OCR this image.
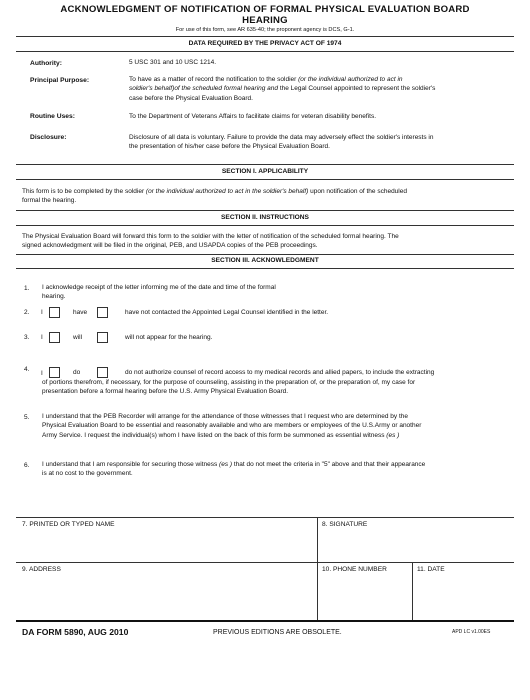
ACKNOWLEDGMENT OF NOTIFICATION OF FORMAL PHYSICAL EVALUATION BOARD
HEARING
For use of this form, see AR 635-40; the proponent agency is DCS, G-1.
DATA REQUIRED BY THE PRIVACY ACT OF 1974
Authority:	5 USC 301 and 10 USC 1214.
Principal Purpose:	To have as a matter of record the notification to the soldier (or the individual authorized to act in
soldier's behalf)of the scheduled formal hearing and the Legal Counsel appointed to represent the soldier's
case before the Physical Evaluation Board.
Routine Uses:	To the Department of Veterans Affairs to facilitate claims for veteran disability benefits.
Disclosure:	Disclosure of all data is voluntary. Failure to provide the data may adversely effect the soldier's interests in
the presentation of his/her case before the Physical Evaluation Board.
SECTION I. APPLICABILITY
This form is to be completed by the soldier (or the individual authorized to act in the soldier's behalf) upon notification of the scheduled
formal the hearing.
SECTION II. INSTRUCTIONS
The Physical Evaluation Board will forward this form to the soldier with the letter of notification of the scheduled formal hearing. The
signed acknowledgment will be filed in the original, PEB, and USAPDA copies of the PEB proceedings.
SECTION III. ACKNOWLEDGMENT
1. I acknowledge receipt of the letter informing me of the date and time of the formal
hearing.
2. I	have	have not contacted the Appointed Legal Counsel identified in the letter.
3. I	will	will not appear for the hearing.
4.
I	do	do not authorize counsel of record access to my medical records and allied papers, to include the extracting
of portions therefrom, if necessary, for the purpose of counseling, assisting in the preparation of, or the preparation of, my case for
presentation before a formal hearing before the U.S. Army Physical Evaluation Board.
5. I understand that the PEB Recorder will arrange for the attendance of those witnesses that I request who are determined by the
Physical Evaluation Board to be essential and reasonably available and who are members or employees of the U.S.Army or another
Army Service. I request the individual(s) whom I have listed on the back of this form be summoned as essential witness (es )
6. I understand that I am responsible for securing those witness (es ) that do not meet the criteria in "5" above and that their appearance
is at no cost to the government.
7. PRINTED OR TYPED NAME	8. SIGNATURE
9. ADDRESS	10. PHONE NUMBER	11. DATE
DA FORM 5890, AUG 2010	PREVIOUS EDITIONS ARE OBSOLETE.	APD LC v1.00ES
